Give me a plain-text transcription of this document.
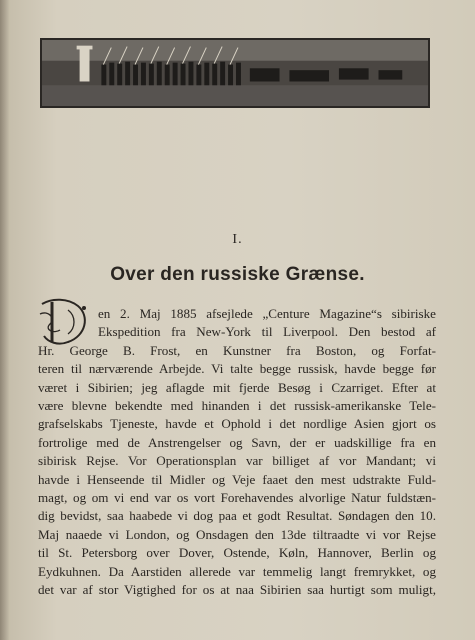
I.
Over den russiske Grænse.
en 2. Maj 1885 afsejlede „Centure Magazine“s sibiriske
Ekspedition fra New-York til Liverpool. Den bestod af
Hr. George B. Frost, en Kunstner fra Boston, og Forfat-
teren til nærværende Arbejde. Vi talte begge russisk, havde begge før
været i Sibirien; jeg aflagde mit fjerde Besøg i Czarriget. Efter at
være blevne bekendte med hinanden i det russisk-amerikanske Tele-
grafselskabs Tjeneste, havde et Ophold i det nordlige Asien gjort os
fortrolige med de Anstrengelser og Savn, der er uadskillige fra en
sibirisk Rejse. Vor Operationsplan var billiget af vor Mandant; vi
havde i Henseende til Midler og Veje faaet den mest udstrakte Fuld-
magt, og om vi end var os vort Forehavendes alvorlige Natur fuldstæn-
dig bevidst, saa haabede vi dog paa et godt Resultat. Søndagen den 10.
Maj naaede vi London, og Onsdagen den 13de tiltraadte vi vor Rejse
til St. Petersborg over Dover, Ostende, Køln, Hannover, Berlin og
Eydkuhnen. Da Aarstiden allerede var temmelig langt fremrykket, og
det var af stor Vigtighed for os at naa Sibirien saa hurtigt som muligt,
